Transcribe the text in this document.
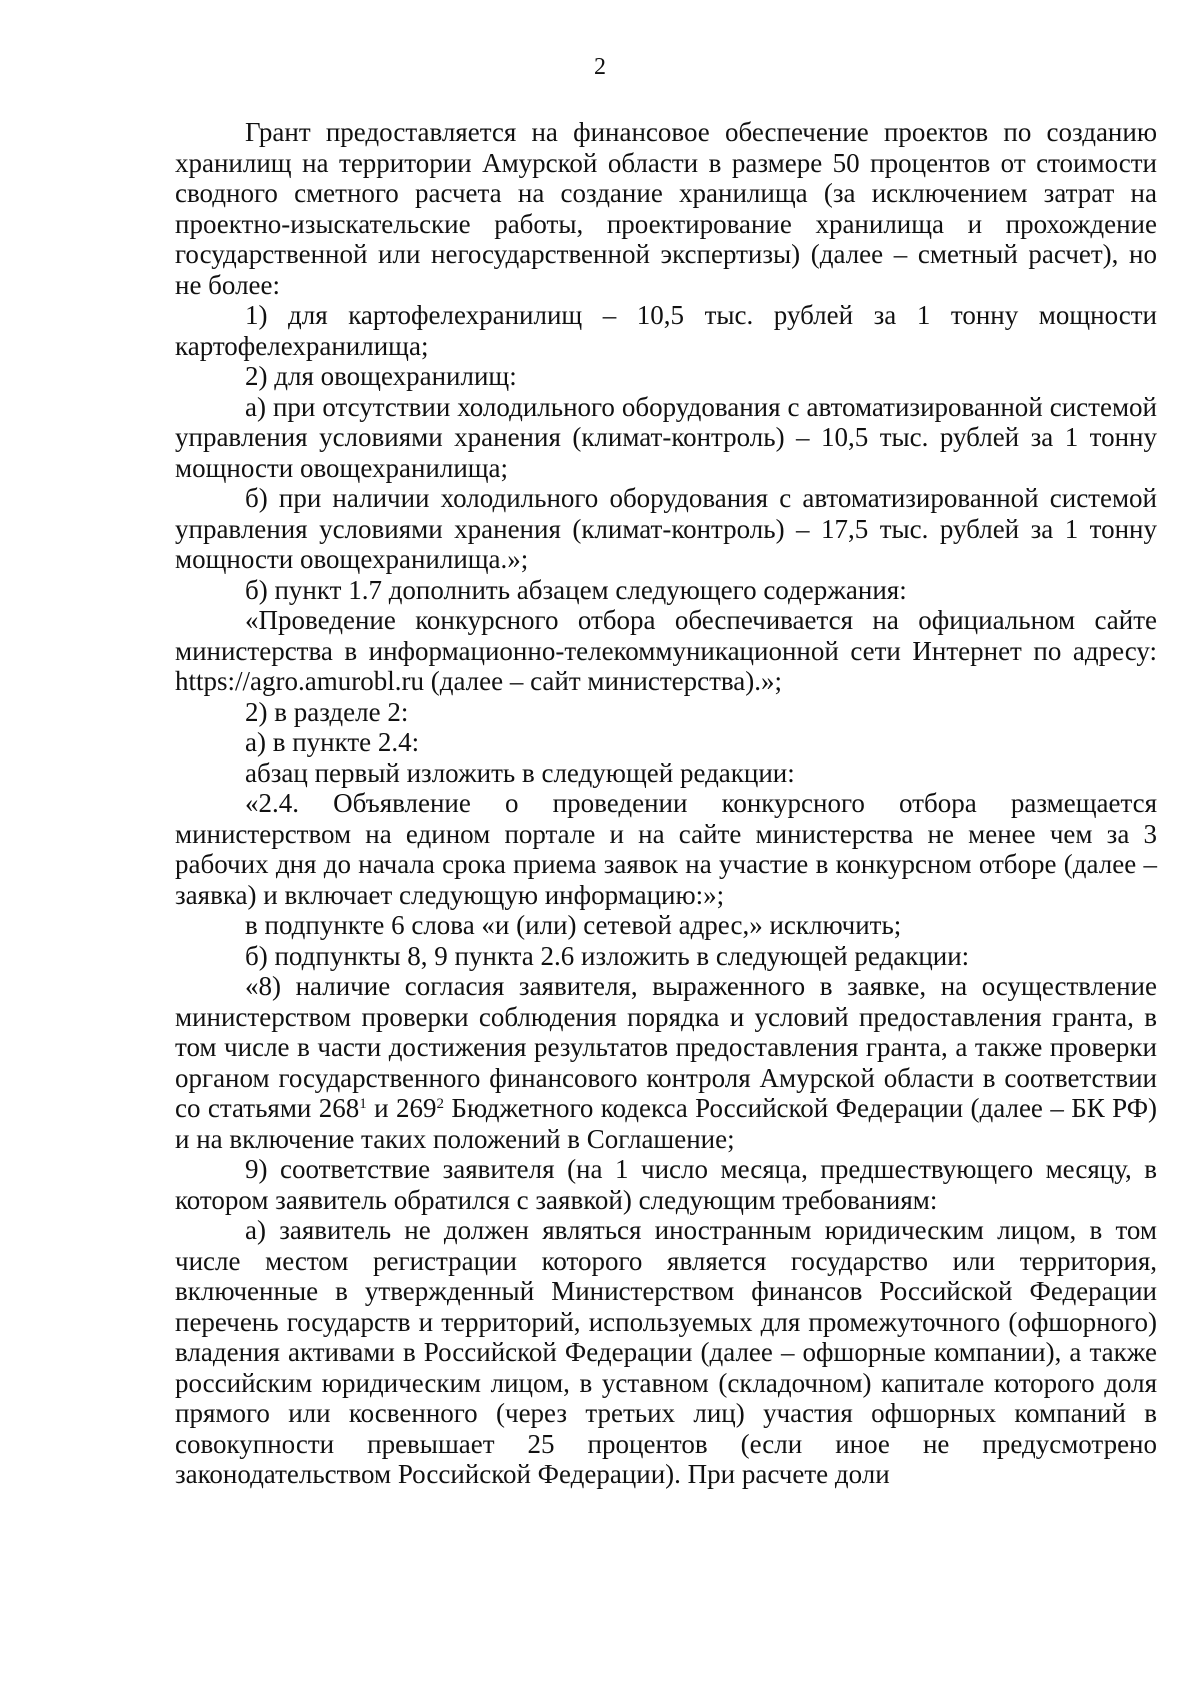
2

Грант предоставляется на финансовое обеспечение проектов по созданию хранилищ на территории Амурской области в размере 50 процентов от стоимости сводного сметного расчета на создание хранилища (за исключением затрат на проектно-изыскательские работы, проектирование хранилища и прохождение государственной или негосударственной экспертизы) (далее – сметный расчет), но не более:

1) для картофелехранилищ – 10,5 тыс. рублей за 1 тонну мощности картофелехранилища;

2) для овощехранилищ:

а) при отсутствии холодильного оборудования с автоматизированной системой управления условиями хранения (климат-контроль) – 10,5 тыс. рублей за 1 тонну мощности овощехранилища;

б) при наличии холодильного оборудования с автоматизированной системой управления условиями хранения (климат-контроль) – 17,5 тыс. рублей за 1 тонну мощности овощехранилища.»;

б) пункт 1.7 дополнить абзацем следующего содержания:

«Проведение конкурсного отбора обеспечивается на официальном сайте министерства в информационно-телекоммуникационной сети Интернет по адресу: https://agro.amurobl.ru (далее – сайт министерства).»;

2) в разделе 2:

а) в пункте 2.4:

абзац первый изложить в следующей редакции:

«2.4. Объявление о проведении конкурсного отбора размещается министерством на едином портале и на сайте министерства не менее чем за 3 рабочих дня до начала срока приема заявок на участие в конкурсном отборе (далее – заявка) и включает следующую информацию:»;

в подпункте 6 слова «и (или) сетевой адрес,» исключить;

б) подпункты 8, 9 пункта 2.6 изложить в следующей редакции:

«8) наличие согласия заявителя, выраженного в заявке, на осуществление министерством проверки соблюдения порядка и условий предоставления гранта, в том числе в части достижения результатов предоставления гранта, а также проверки органом государственного финансового контроля Амурской области в соответствии со статьями $268^1$ и $269^2$ Бюджетного кодекса Российской Федерации (далее – БК РФ) и на включение таких положений в Соглашение;

9) соответствие заявителя (на 1 число месяца, предшествующего месяцу, в котором заявитель обратился с заявкой) следующим требованиям:

а) заявитель не должен являться иностранным юридическим лицом, в том числе местом регистрации которого является государство или территория, включенные в утвержденный Министерством финансов Российской Федерации перечень государств и территорий, используемых для промежуточного (офшорного) владения активами в Российской Федерации (далее – офшорные компании), а также российским юридическим лицом, в уставном (складочном) капитале которого доля прямого или косвенного (через третьих лиц) участия офшорных компаний в совокупности превышает 25 процентов (если иное не предусмотрено законодательством Российской Федерации). При расчете доли
